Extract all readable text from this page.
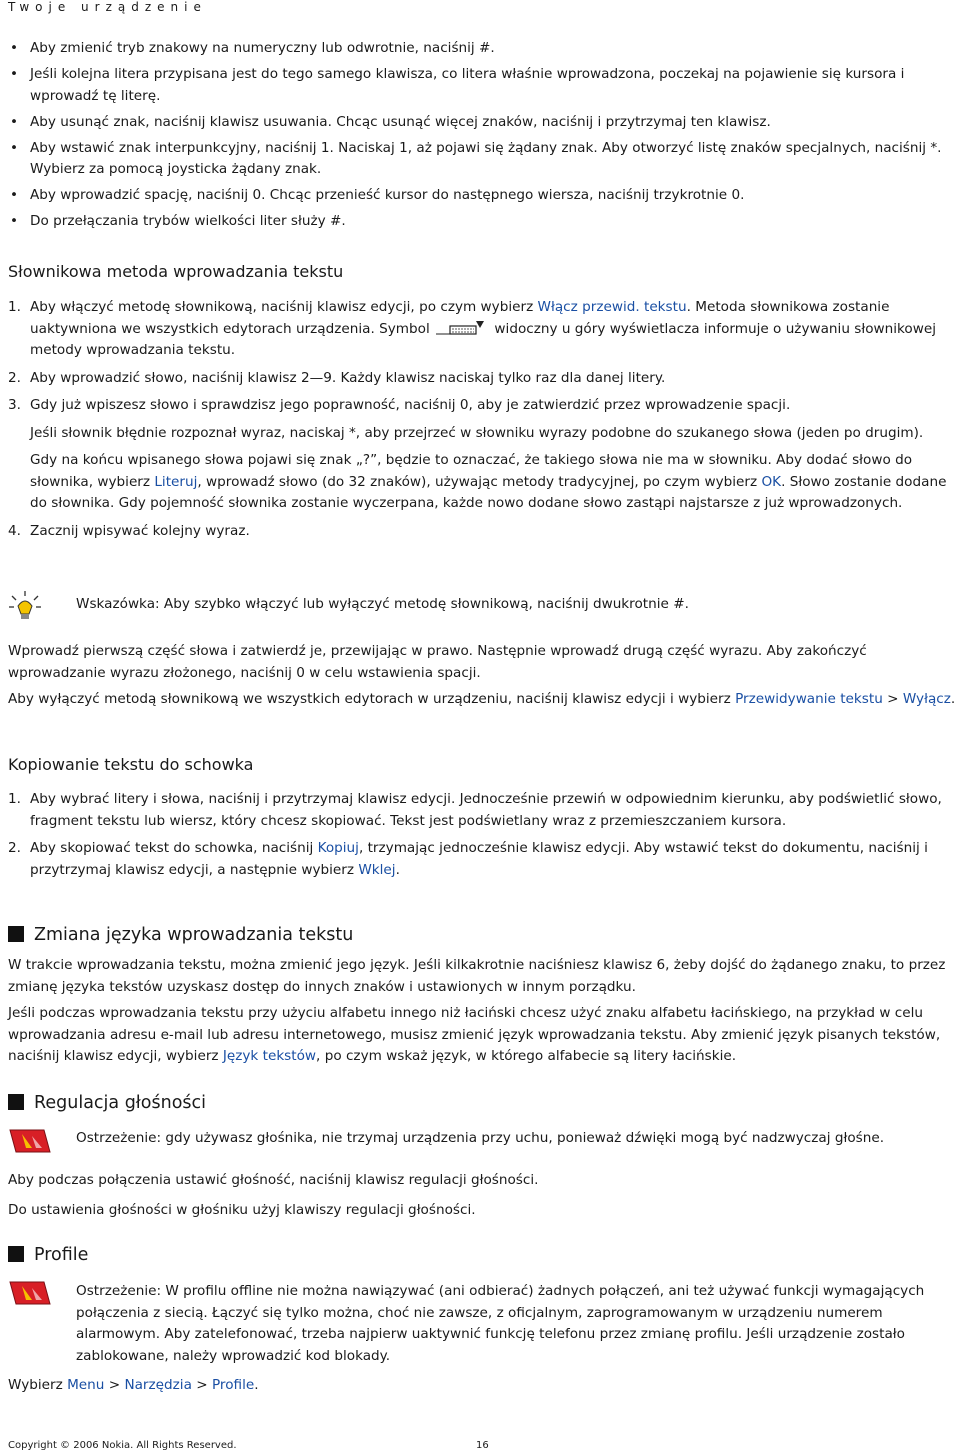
Twoje urządzenie
• Aby zmienić tryb znakowy na numeryczny lub odwrotnie, naciśnij #.
• Jeśli kolejna litera przypisana jest do tego samego klawisza, co litera właśnie wprowadzona, poczekaj na pojawienie się kursora i wprowadź tę literę.
• Aby usunąć znak, naciśnij klawisz usuwania. Chcąc usunąć więcej znaków, naciśnij i przytrzymaj ten klawisz.
• Aby wstawić znak interpunkcyjny, naciśnij 1. Naciskaj 1, aż pojawi się żądany znak. Aby otworzyć listę znaków specjalnych, naciśnij *. Wybierz za pomocą joysticka żądany znak.
• Aby wprowadzić spację, naciśnij 0. Chcąc przenieść kursor do następnego wiersza, naciśnij trzykrotnie 0.
• Do przełączania trybów wielkości liter służy #.
Słownikowa metoda wprowadzania tekstu
1. Aby włączyć metodę słownikową, naciśnij klawisz edycji, po czym wybierz Włącz przewid. tekstu. Metoda słownikowa zostanie uaktywniona we wszystkich edytorach urządzenia. Symbol	widoczny u góry wyświetlacza informuje o używaniu słownikowej metody wprowadzania tekstu.

2. Aby wprowadzić słowo, naciśnij klawisz 2—9. Każdy klawisz naciskaj tylko raz dla danej litery.

3. Gdy już wpiszesz słowo i sprawdzisz jego poprawność, naciśnij 0, aby je zatwierdzić przez wprowadzenie spacji.

Jeśli słownik błędnie rozpoznał wyraz, naciskaj *, aby przejrzeć w słowniku wyrazy podobne do szukanego słowa (jeden po drugim).

Gdy na końcu wpisanego słowa pojawi się znak „?”, będzie to oznaczać, że takiego słowa nie ma w słowniku. Aby dodać słowo do słownika, wybierz Literuj, wprowadź słowo (do 32 znaków), używając metody tradycyjnej, po czym wybierz OK. Słowo zostanie dodane do słownika. Gdy pojemność słownika zostanie wyczerpana, każde nowo dodane słowo zastąpi najstarsze z już wprowadzonych.

4. Zacznij wpisywać kolejny wyraz.

Wskazówka: Aby szybko włączyć lub wyłączyć metodę słownikową, naciśnij dwukrotnie #.

Wprowadź pierwszą część słowa i zatwierdź je, przewijając w prawo. Następnie wprowadź drugą część wyrazu. Aby zakończyć wprowadzanie wyrazu złożonego, naciśnij 0 w celu wstawienia spacji.

Aby wyłączyć metodą słownikową we wszystkich edytorach w urządzeniu, naciśnij klawisz edycji i wybierz Przewidywanie tekstu > Wyłącz.

Kopiowanie tekstu do schowka
1. Aby wybrać litery i słowa, naciśnij i przytrzymaj klawisz edycji. Jednocześnie przewiń w odpowiednim kierunku, aby podświetlić słowo, fragment tekstu lub wiersz, który chcesz skopiować. Tekst jest podświetlany wraz z przemieszczaniem kursora.

2. Aby skopiować tekst do schowka, naciśnij Kopiuj, trzymając jednocześnie klawisz edycji. Aby wstawić tekst do dokumentu, naciśnij i przytrzymaj klawisz edycji, a następnie wybierz Wklej.

Zmiana języka wprowadzania tekstu

W trakcie wprowadzania tekstu, można zmienić jego język. Jeśli kilkakrotnie naciśniesz klawisz 6, żeby dojść do żądanego znaku, to przez zmianę języka tekstów uzyskasz dostęp do innych znaków i ustawionych w innym porządku.

Jeśli podczas wprowadzania tekstu przy użyciu alfabetu innego niż łaciński chcesz użyć znaku alfabetu łacińskiego, na przykład w celu wprowadzania adresu e-mail lub adresu internetowego, musisz zmienić język wprowadzania tekstu. Aby zmienić język pisanych tekstów, naciśnij klawisz edycji, wybierz Język tekstów, po czym wskaż język, w którego alfabecie są litery łacińskie.

Regulacja głośności

Ostrzeżenie: gdy używasz głośnika, nie trzymaj urządzenia przy uchu, ponieważ dźwięki mogą być nadzwyczaj głośne.

Aby podczas połączenia ustawić głośność, naciśnij klawisz regulacji głośności.

Do ustawienia głośności w głośniku użyj klawiszy regulacji głośności.

Profile

Ostrzeżenie: W profilu offline nie można nawiązywać (ani odbierać) żadnych połączeń, ani też używać funkcji wymagających połączenia z siecią. Łączyć się tylko można, choć nie zawsze, z oficjalnym, zaprogramowanym w urządzeniu numerem alarmowym. Aby zatelefonować, trzeba najpierw uaktywnić funkcję telefonu przez zmianę profilu. Jeśli urządzenie zostało zablokowane, należy wprowadzić kod blokady.

Wybierz Menu > Narzędzia > Profile.

Copyright © 2006 Nokia. All Rights Reserved.	16
